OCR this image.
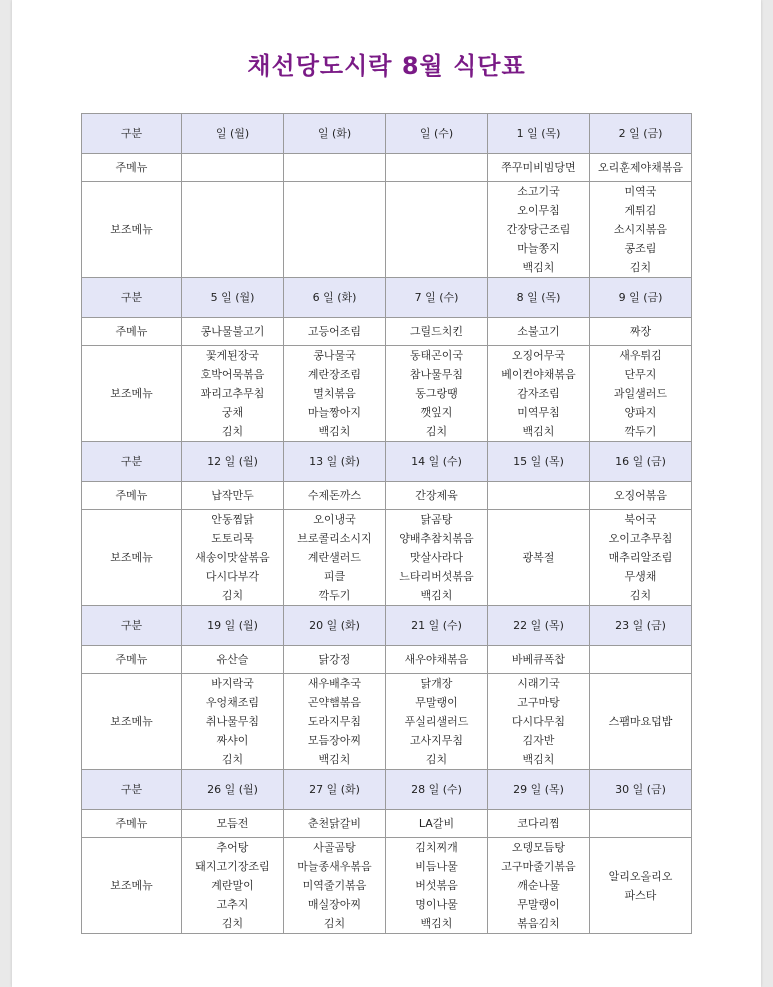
채선당도시락 8월 식단표
구분	일 (월)	일 (화)	일 (수)	1 일 (목)	2 일 (금)
주메뉴				쭈꾸미비빔당면	오리훈제야채볶음
보조메뉴				소고기국
오이무침
간장당근조림
마늘쫑지
백김치	미역국
게튀김
소시지볶음
콩조림
김치

구분	5 일 (월)	6 일 (화)	7 일 (수)	8 일 (목)	9 일 (금)
주메뉴	콩나물불고기	고등어조림	그릴드치킨	소불고기	짜장
보조메뉴	꽃게된장국
호박어묵볶음
꽈리고추무침
궁채
김치	콩나물국
계란장조림
멸치볶음
마늘짱아지
백김치	동태곤이국
참나물무침
동그랑땡
깻잎지
김치	오징어무국
베이컨야채볶음
감자조림
미역무침
백김치	새우튀김
단무지
과일샐러드
양파지
깍두기

구분	12 일 (월)	13 일 (화)	14 일 (수)	15 일 (목)	16 일 (금)
주메뉴	납작만두	수제돈까스	간장제육		오징어볶음
보조메뉴	안동찜닭
도토리묵
새송이맛살볶음
다시다부각
김치	오이냉국
브로콜리소시지
계란샐러드
피클
깍두기	닭곰탕
양배추참치볶음
맛살사라다
느타리버섯볶음
백김치	광복절	북어국
오이고추무침
매추리알조림
무생채
김치

구분	19 일 (월)	20 일 (화)	21 일 (수)	22 일 (목)	23 일 (금)
주메뉴	유산슬	닭강정	새우야채볶음	바베큐폭찹	
보조메뉴	바지락국
우엉채조림
취나물무침
짜샤이
김치	새우배추국
곤약햄볶음
도라지무침
모듬장아찌
백김치	닭개장
무말랭이
푸실리샐러드
고사지무침
김치	시래기국
고구마탕
다시다무침
김자반
백김치	스팸마요덥밥

구분	26 일 (월)	27 일 (화)	28 일 (수)	29 일 (목)	30 일 (금)
주메뉴	모듬전	춘천닭갈비	LA갈비	코다리찜	
보조메뉴	추어탕
돼지고기장조림
계란말이
고추지
김치	사골곰탕
마늘종새우볶음
미역줄기볶음
매실장아찌
김치	김치찌개
비듬나물
버섯볶음
명이나물
백김치	오뎅모듬탕
고구마줄기볶음
깨순나물
무말랭이
볶음김치	알리오올리오
파스타
